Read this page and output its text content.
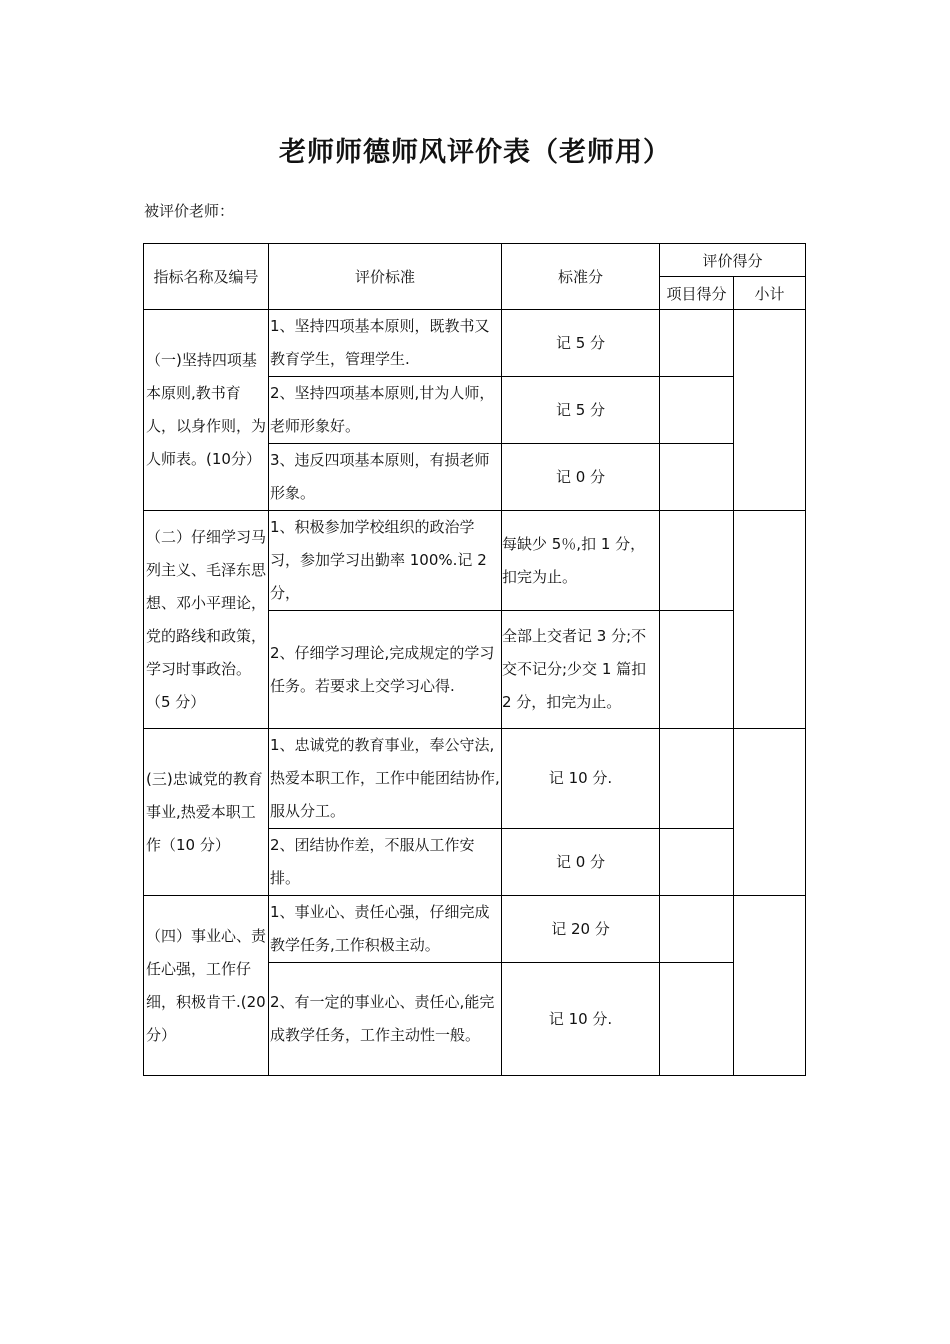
老师师德师风评价表（老师用）
被评价老师：
指标名称及编号	评价标准	标准分	评价得分	
			项目得分	小计
（一)坚持四项基本原则,教书育人，以身作则，为人师表。(10分）	1、坚持四项基本原则，既教书又教育学生，管理学生.	记 5 分		
	2、坚持四项基本原则,甘为人师，老师形象好。	记 5 分		
	3、违反四项基本原则，有损老师形象。	记 0 分		
（二）仔细学习马列主义、毛泽东思想、邓小平理论，党的路线和政策，学习时事政治。（5 分）	1、积极参加学校组织的政治学习，参加学习出勤率 100%.记 2 分，	每缺少 5％,扣 1 分，扣完为止。		
	2、仔细学习理论,完成规定的学习任务。若要求上交学习心得.	全部上交者记 3 分;不交不记分;少交 1 篇扣 2 分，扣完为止。		
(三)忠诚党的教育事业,热爱本职工作（10 分）	1、忠诚党的教育事业，奉公守法,热爱本职工作，工作中能团结协作,服从分工。	记 10 分.		
	2、团结协作差，不服从工作安排。	记 0 分		
（四）事业心、责任心强，工作仔细，积极肯干.(20 分）	1、事业心、责任心强，仔细完成教学任务,工作积极主动。	记 20 分		
	2、有一定的事业心、责任心,能完成教学任务，工作主动性一般。	记 10 分.		
